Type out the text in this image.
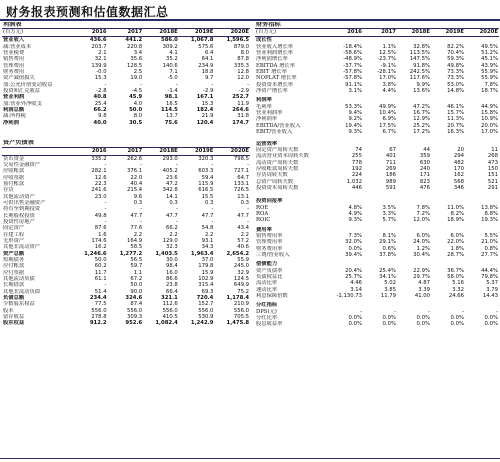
财务报表预测和估值数据汇总
利润表					
(百万元)	2016	2017	2018E	2019E	2020E
营业收入	436.6	441.2	586.0	1,067.8	1,596.5
减:营业成本	203.7	220.8	309.2	575.6	879.0
营业税费	2.1	3.4	4.1	6.4	8.0
销售费用	32.1	35.6	35.2	64.1	87.8
管理费用	139.9	128.5	140.6	234.9	335.3
财务费用	-0.0	2.5	7.1	18.8	12.8
资产减值损失	15.3	19.0	-5.0	9.7	12.0
加:公允价值变动收益	-	-	-	-	-
投资和汇兑收益	-2.8	-4.5	-1.4	-2.9	-2.9
营业利润	40.8	45.9	98.1	167.1	252.7
加:营业外净收支	25.4	4.0	16.5	15.3	11.9
利润总额	66.2	50.0	114.5	182.4	264.6
减:所得税	9.8	8.0	13.7	21.9	31.8
净利润	40.0	30.5	75.6	120.4	174.7
资产负债表					
	2016	2017	2018E	2019E	2020E
货币资金	335.2	262.6	293.0	320.3	798.5
交易性金融资产	-	-	-	-	-
应收帐款	282.1	376.1	405.2	603.3	727.1
应收票据	12.6	22.0	23.6	59.4	64.7
预付帐款	22.3	40.4	47.2	115.9	133.1
存货	241.6	215.4	342.8	616.5	726.5
其他流动资产	23.0	9.6	14.1	15.5	13.1
可供出售金融资产	-	0.3	0.3	0.3	0.3
持有至到期投资	-	-	-	-	-
长期股权投资	49.8	47.7	47.7	47.7	47.7
投资性房地产	-	-	-	-	-
固定资产	87.6	77.6	66.2	54.8	43.4
在建工程	1.6	2.2	2.2	2.2	2.2
无形资产	174.6	164.9	129.0	93.1	57.2
其他非流动资产	16.2	58.5	32.3	34.3	40.6
资产总额	1,246.6	1,277.2	1,403.5	1,963.4	2,654.2
短期债务	50.0	56.5	30.0	37.0	55.9
应付帐款	60.2	59.7	98.4	179.8	245.0
应付票据	11.7	1.1	16.0	15.9	32.9
其他流动负债	61.1	67.2	86.6	102.9	124.5
长期借款	-	50.0	23.8	315.4	649.9
其他非流动负债	51.4	90.0	66.4	69.3	75.2
负债总额	234.4	324.6	321.1	720.4	1,178.4
少数股东权益	77.5	87.4	112.6	152.7	210.9
股本	556.0	556.0	556.0	556.0	556.0
留存收益	278.8	309.3	410.5	530.9	705.5
股东权益	912.2	952.6	1,082.4	1,242.9	1,475.8
财务指标					
(百万元)	2016	2017	2018E	2019E	2020E
成长性					
营业收入增长率	-18.4%	1.1%	32.8%	82.2%	49.5%
营业利润增长率	-58.6%	12.5%	113.5%	70.4%	51.2%
净利润增长率	-48.9%	-23.7%	147.5%	59.3%	45.1%
EBITDA 增长率	-37.7%	-9.1%	91.8%	49.8%	43.9%
EBIT 增长率	-57.8%	-28.1%	242.5%	73.3%	55.9%
NOPLAT 增长率	-57.8%	17.0%	117.6%	73.3%	55.9%
投资资本增长率	91.1%	3.8%	9.9%	53.0%	7.8%
净资产增长率	3.1%	4.4%	13.6%	14.8%	18.7%

利润率					
毛利率	53.3%	49.9%	47.2%	46.1%	44.9%
营业利润率	9.4%	10.4%	16.7%	15.7%	15.8%
净利润率	9.2%	6.9%	12.9%	11.3%	10.9%
EBITDA/营业收入	19.4%	17.5%	25.2%	20.7%	20.0%
EBIT/营业收入	9.3%	6.7%	17.2%	16.3%	17.0%

运营效率					
固定资产周转天数	74	67	44	20	11
流动营业资本周转天数	255	401	359	294	268
流动资产周转天数	778	711	630	482	473
应收帐款周转天数	192	269	240	170	150
存货周转天数	224	186	171	162	151
总资产周转天数	1,032	989	823	568	521
投资资本周转天数	446	591	476	346	291

投资回报率					
ROE	4.8%	3.5%	7.8%	11.0%	13.8%
ROA	4.9%	3.3%	7.2%	8.2%	8.8%
ROIC	9.3%	5.7%	12.0%	18.9%	19.3%

费用率					
销售费用率	7.3%	8.1%	6.0%	6.0%	5.5%
管理费用率	32.0%	29.1%	24.0%	22.0%	21.0%
财务费用率	0.0%	0.6%	1.2%	1.8%	0.8%
三费/营业收入	39.4%	37.8%	30.4%	28.7%	27.7%

偿债能力					
资产负债率	20.4%	25.4%	22.9%	36.7%	44.4%
负债权益比	25.7%	34.1%	29.7%	58.0%	79.8%
流动比率	4.46	5.02	4.87	5.16	5.37
速动比率	3.14	3.85	3.39	3.32	3.79
利息保障倍数	-1,130.73	11.79	41.00	24.66	14.43

分红指标					
DPS(元)	-	-	-	-	-
分红比率	0.0%	0.0%	0.0%	0.0%	0.0%
股息收益率	0.0%	0.0%	0.0%	0.0%	0.0%
